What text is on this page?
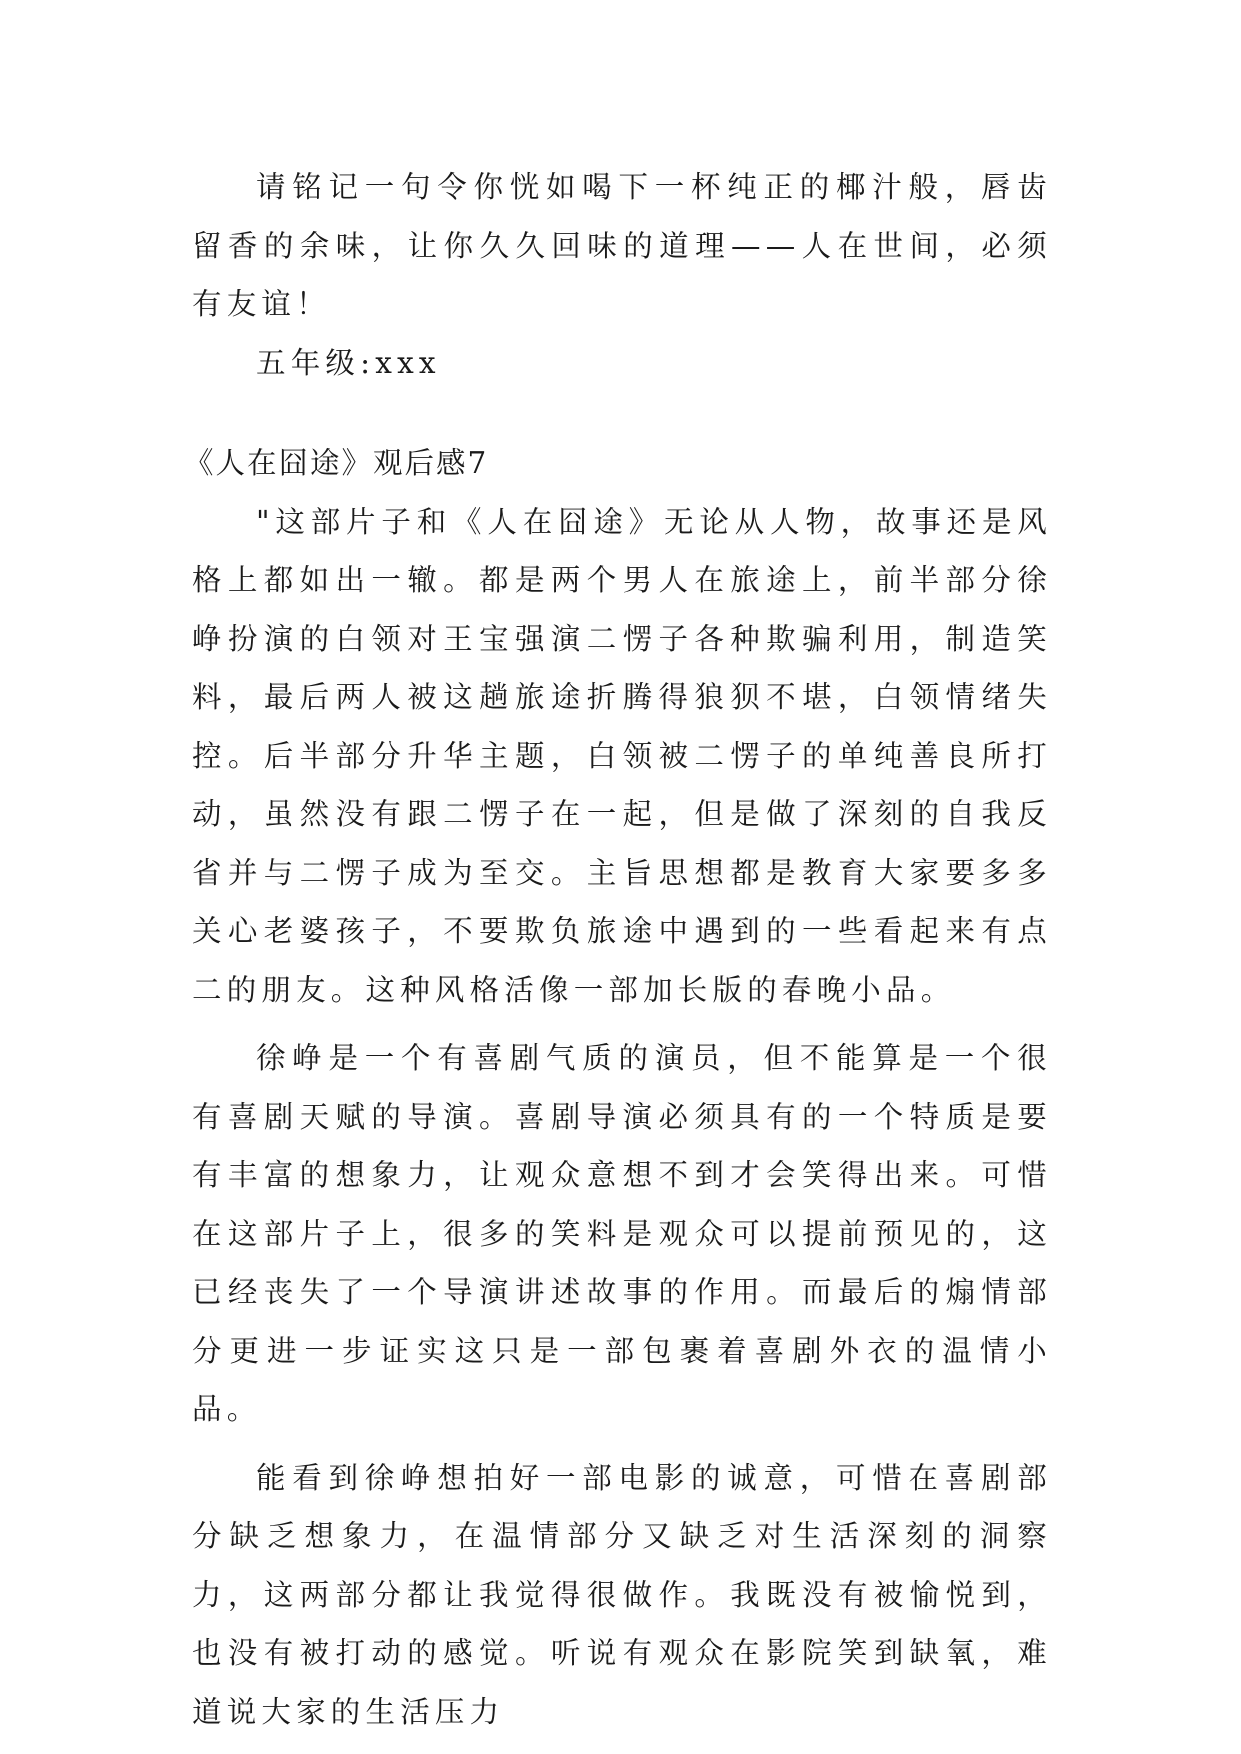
请铭记一句令你恍如喝下一杯纯正的椰汁般，唇齿留香的余味，让你久久回味的道理——人在世间，必须有友谊！

五年级:xxx

《人在囧途》观后感7

"这部片子和《人在囧途》无论从人物，故事还是风格上都如出一辙。都是两个男人在旅途上，前半部分徐峥扮演的白领对王宝强演二愣子各种欺骗利用，制造笑料，最后两人被这趟旅途折腾得狼狈不堪，白领情绪失控。后半部分升华主题，白领被二愣子的单纯善良所打动，虽然没有跟二愣子在一起，但是做了深刻的自我反省并与二愣子成为至交。主旨思想都是教育大家要多多关心老婆孩子，不要欺负旅途中遇到的一些看起来有点二的朋友。这种风格活像一部加长版的春晚小品。

徐峥是一个有喜剧气质的演员，但不能算是一个很有喜剧天赋的导演。喜剧导演必须具有的一个特质是要有丰富的想象力，让观众意想不到才会笑得出来。可惜在这部片子上，很多的笑料是观众可以提前预见的，这已经丧失了一个导演讲述故事的作用。而最后的煽情部分更进一步证实这只是一部包裹着喜剧外衣的温情小品。

能看到徐峥想拍好一部电影的诚意，可惜在喜剧部分缺乏想象力，在温情部分又缺乏对生活深刻的洞察力，这两部分都让我觉得很做作。我既没有被愉悦到，也没有被打动的感觉。听说有观众在影院笑到缺氧，难道说大家的生活压力
